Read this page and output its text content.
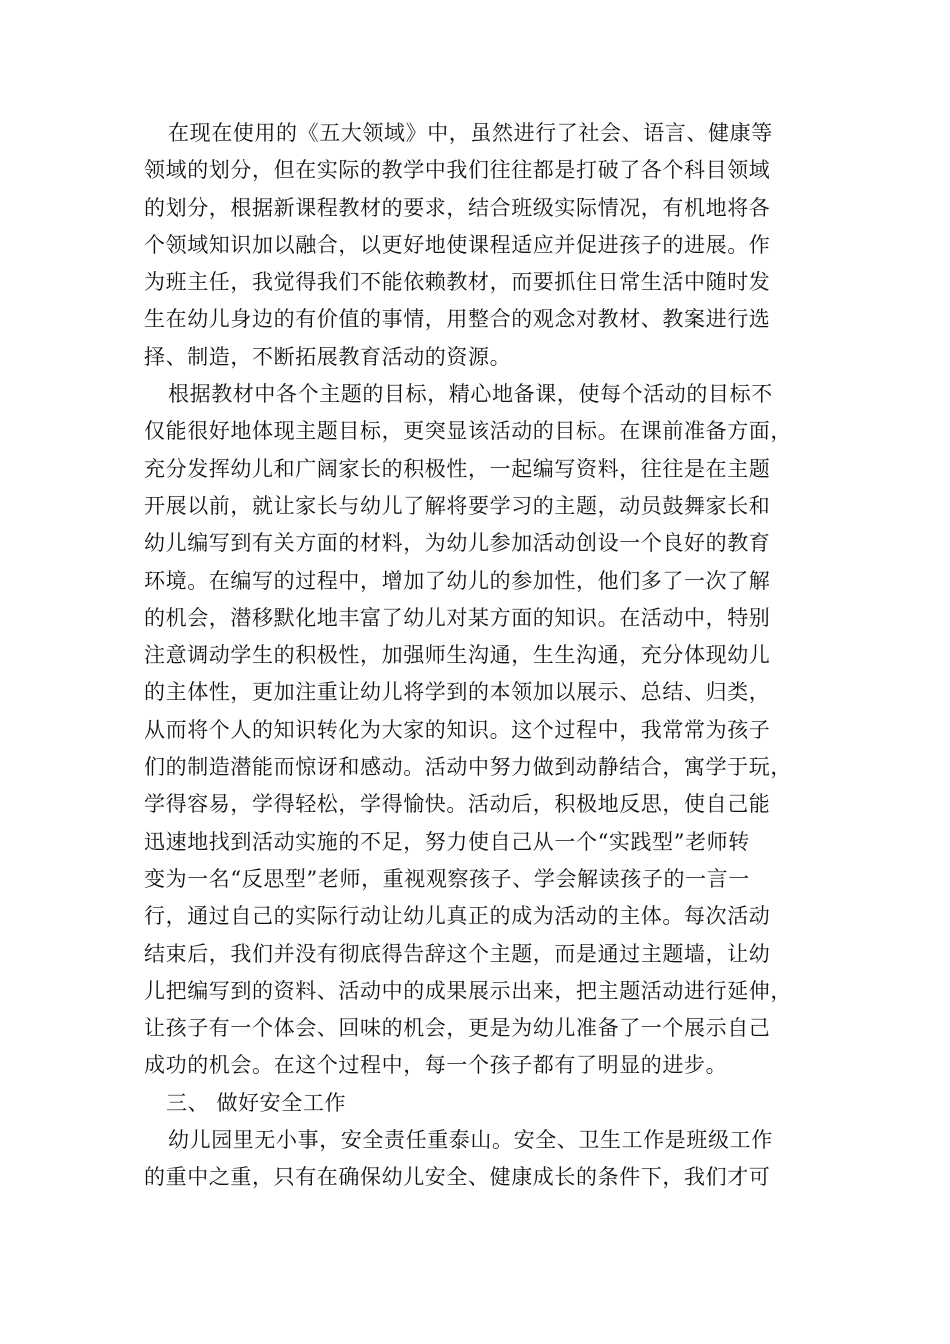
在现在使用的《五大领域》中，虽然进行了社会、语言、健康等
领域的划分，但在实际的教学中我们往往都是打破了各个科目领域
的划分，根据新课程教材的要求，结合班级实际情况，有机地将各
个领域知识加以融合，以更好地使课程适应并促进孩子的进展。作
为班主任，我觉得我们不能依赖教材，而要抓住日常生活中随时发
生在幼儿身边的有价值的事情，用整合的观念对教材、教案进行选
择、制造，不断拓展教育活动的资源。
根据教材中各个主题的目标，精心地备课，使每个活动的目标不
仅能很好地体现主题目标，更突显该活动的目标。在课前准备方面，
充分发挥幼儿和广阔家长的积极性，一起编写资料，往往是在主题
开展以前，就让家长与幼儿了解将要学习的主题，动员鼓舞家长和
幼儿编写到有关方面的材料，为幼儿参加活动创设一个良好的教育
环境。在编写的过程中，增加了幼儿的参加性，他们多了一次了解
的机会，潜移默化地丰富了幼儿对某方面的知识。在活动中，特别
注意调动学生的积极性，加强师生沟通，生生沟通，充分体现幼儿
的主体性，更加注重让幼儿将学到的本领加以展示、总结、归类，
从而将个人的知识转化为大家的知识。这个过程中，我常常为孩子
们的制造潜能而惊讶和感动。活动中努力做到动静结合，寓学于玩，
学得容易，学得轻松，学得愉快。活动后，积极地反思，使自己能
迅速地找到活动实施的不足，努力使自己从一个“实践型”老师转
变为一名“反思型”老师，重视观察孩子、学会解读孩子的一言一
行，通过自己的实际行动让幼儿真正的成为活动的主体。每次活动
结束后，我们并没有彻底得告辞这个主题，而是通过主题墙，让幼
儿把编写到的资料、活动中的成果展示出来，把主题活动进行延伸，
让孩子有一个体会、回味的机会，更是为幼儿准备了一个展示自己
成功的机会。在这个过程中，每一个孩子都有了明显的进步。
三、 做好安全工作
幼儿园里无小事，安全责任重泰山。安全、卫生工作是班级工作
的重中之重，只有在确保幼儿安全、健康成长的条件下，我们才可
